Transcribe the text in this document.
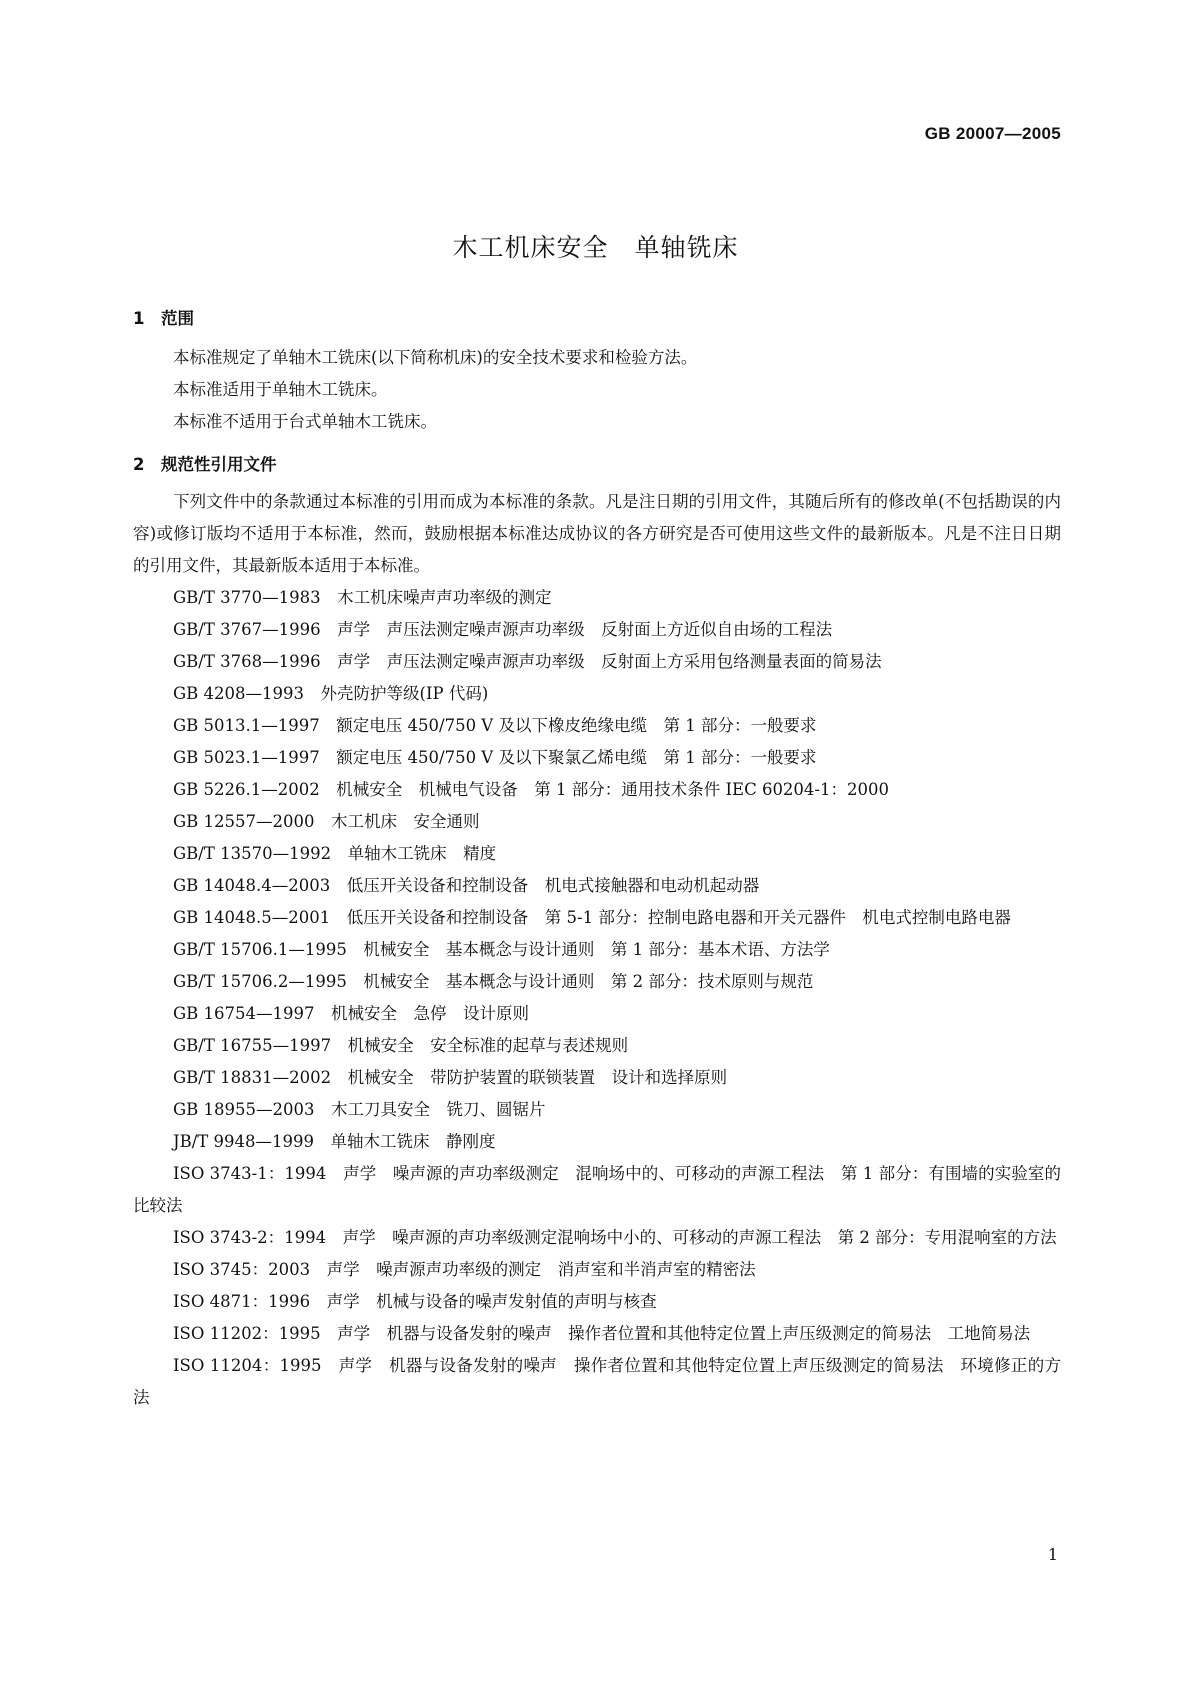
GB 20007—2005
木工机床安全　单轴铣床
1　范围

本标准规定了单轴木工铣床(以下简称机床)的安全技术要求和检验方法。

本标准适用于单轴木工铣床。

本标准不适用于台式单轴木工铣床。

2　规范性引用文件

下列文件中的条款通过本标准的引用而成为本标准的条款。凡是注日期的引用文件，其随后所有的修改单(不包括勘误的内容)或修订版均不适用于本标准，然而，鼓励根据本标准达成协议的各方研究是否可使用这些文件的最新版本。凡是不注日日期的引用文件，其最新版本适用于本标准。

GB/T 3770—1983　木工机床噪声声功率级的测定

GB/T 3767—1996　声学　声压法测定噪声源声功率级　反射面上方近似自由场的工程法

GB/T 3768—1996　声学　声压法测定噪声源声功率级　反射面上方采用包络测量表面的简易法

GB 4208—1993　外壳防护等级(IP 代码)

GB 5013.1—1997　额定电压 450/750 V 及以下橡皮绝缘电缆　第 1 部分：一般要求

GB 5023.1—1997　额定电压 450/750 V 及以下聚氯乙烯电缆　第 1 部分：一般要求

GB 5226.1—2002　机械安全　机械电气设备　第 1 部分：通用技术条件 IEC 60204-1：2000

GB 12557—2000　木工机床　安全通则

GB/T 13570—1992　单轴木工铣床　精度

GB 14048.4—2003　低压开关设备和控制设备　机电式接触器和电动机起动器

GB 14048.5—2001　低压开关设备和控制设备　第 5-1 部分：控制电路电器和开关元器件　机电式控制电路电器

GB/T 15706.1—1995　机械安全　基本概念与设计通则　第 1 部分：基本术语、方法学

GB/T 15706.2—1995　机械安全　基本概念与设计通则　第 2 部分：技术原则与规范

GB 16754—1997　机械安全　急停　设计原则

GB/T 16755—1997　机械安全　安全标准的起草与表述规则

GB/T 18831—2002　机械安全　带防护装置的联锁装置　设计和选择原则

GB 18955—2003　木工刀具安全　铣刀、圆锯片

JB/T 9948—1999　单轴木工铣床　静刚度

ISO 3743-1：1994　声学　噪声源的声功率级测定　混响场中的、可移动的声源工程法　第 1 部分：有围墙的实验室的比较法

ISO 3743-2：1994　声学　噪声源的声功率级测定混响场中小的、可移动的声源工程法　第 2 部分：专用混响室的方法

ISO 3745：2003　声学　噪声源声功率级的测定　消声室和半消声室的精密法

ISO 4871：1996　声学　机械与设备的噪声发射值的声明与核查

ISO 11202：1995　声学　机器与设备发射的噪声　操作者位置和其他特定位置上声压级测定的简易法　工地简易法

ISO 11204：1995　声学　机器与设备发射的噪声　操作者位置和其他特定位置上声压级测定的简易法　环境修正的方法

1
